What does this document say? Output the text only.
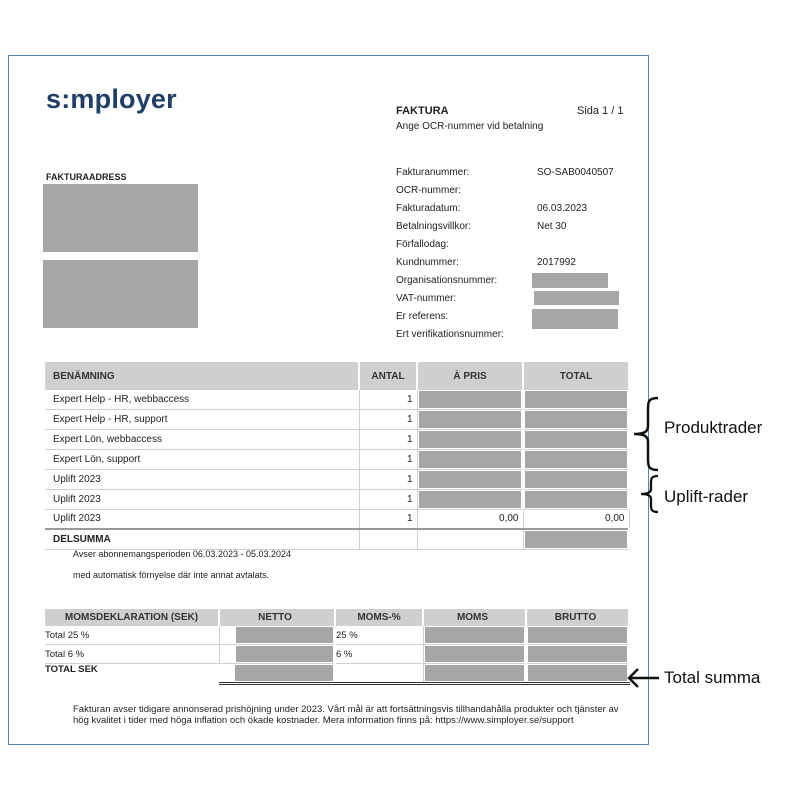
s:mployer	FAKTURA	Sida 1 / 1
Ange OCR-nummer vid betalning
FAKTURAADRESS	Fakturanummer:	SO-SAB0040507
OCR-nummer:
Fakturadatum:	06.03.2023
Betalningsvillkor:	Net 30
Förfallodag:
Kundnummer:	2017992
Organisationsnummer:
VAT-nummer:
Er referens:
Ert verifikationsnummer:
BENÄMNING	ANTAL	À PRIS	TOTAL
Expert Help - HR, webbaccess	1	

Expert Help - HR, support	1	

Expert Lön, webbaccess	1	

Expert Lön, support	1	

Uplift 2023	1	

Uplift 2023	1	

Uplift 2023	1	0,00	0,00
DELSUMMA			
Avser abonnemangsperioden 06.03.2023 - 05.03.2024
med automatisk förnyelse där inte annat avtalats.
MOMSDEKLARATION (SEK)	NETTO	MOMS-%	MOMS	BRUTTO
Total 25 %		25 %	

Total 6 %		6 %	

TOTAL SEK	

Fakturan avser tidigare annonserad prishöjning under 2023. Vårt mål är att fortsättningsvis tillhandahålla produkter och tjänster av hög kvalitet i tider med höga inflation och ökade kostnader. Mera information finns på: https://www.simployer.se/support
Produktrader
Uplift-rader
Total summa
